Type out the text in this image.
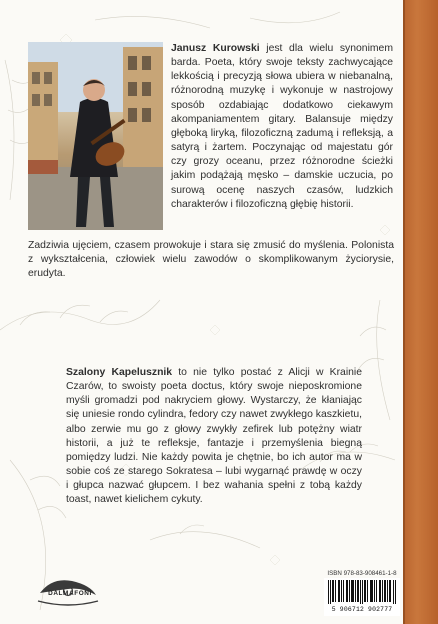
Janusz Kurowski jest dla wielu synonimem barda. Poeta, który swoje teksty zachwycające lekkością i precyzją słowa ubiera w niebanalną, różnorodną muzykę i wykonuje w nastrojowy sposób ozdabiając dodatkowo ciekawym akompaniamentem gitary. Balansuje między głęboką liryką, filozoficzną zadumą i refleksją, a satyrą i żartem. Poczynając od majestatu gór czy grozy oceanu, przez różnorodne ścieżki jakim podążają męsko – damskie uczucia, po surową ocenę naszych czasów, ludzkich charakterów i filozoficzną głębię historii.

Zadziwia ujęciem, czasem prowokuje i stara się zmusić do myślenia. Polonista z wykształcenia, człowiek wielu zawodów o skomplikowanym życiorysie, erudyta.

Szalony Kapelusznik to nie tylko postać z Alicji w Krainie Czarów, to swoisty poeta doctus, który swoje nieposkromione myśli gromadzi pod nakryciem głowy. Wystarczy, że kłaniając się uniesie rondo cylindra, fedory czy nawet zwykłego kaszkietu, albo zerwie mu go z głowy zwykły zefirek lub potężny wiatr historii, a już te refleksje, fantazje i przemyślenia biegną pomiędzy ludzi. Nie każdy powita je chętnie, bo ich autor ma w sobie coś ze starego Sokratesa – lubi wygarnąć prawdę w oczy i głupca nazwać głupcem. I bez wahania spełni z tobą każdy toast, nawet kielichem cykuty.

DALMAFONI
ISBN 978-83-908461-1-8
5 906712 902777
